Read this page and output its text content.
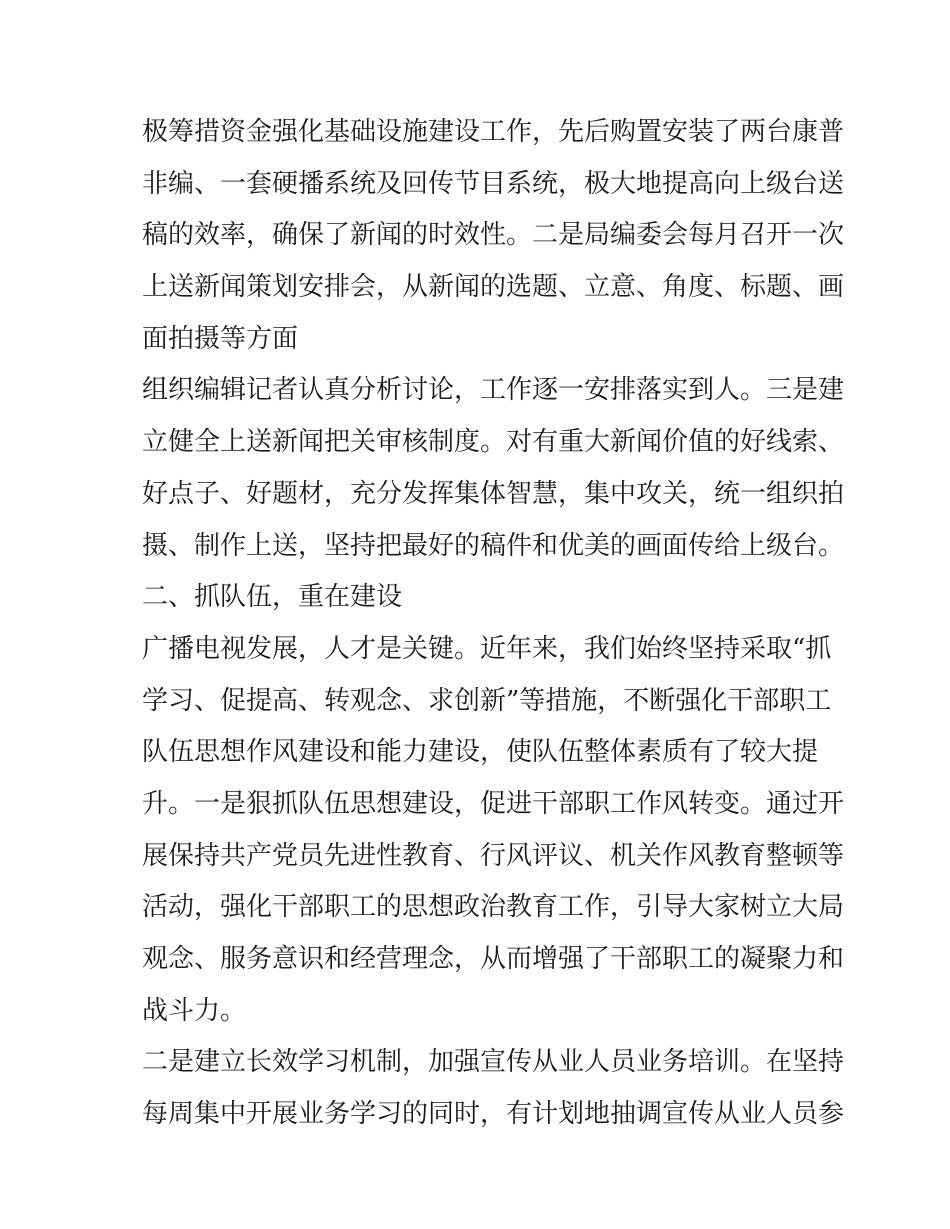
极筹措资金强化基础设施建设工作，先后购置安装了两台康普
非编、一套硬播系统及回传节目系统，极大地提高向上级台送
稿的效率，确保了新闻的时效性。二是局编委会每月召开一次
上送新闻策划安排会，从新闻的选题、立意、角度、标题、画
面拍摄等方面
组织编辑记者认真分析讨论，工作逐一安排落实到人。三是建
立健全上送新闻把关审核制度。对有重大新闻价值的好线索、
好点子、好题材，充分发挥集体智慧，集中攻关，统一组织拍
摄、制作上送，坚持把最好的稿件和优美的画面传给上级台。
二、抓队伍，重在建设
广播电视发展，人才是关键。近年来，我们始终坚持采取“抓
学习、促提高、转观念、求创新”等措施，不断强化干部职工
队伍思想作风建设和能力建设，使队伍整体素质有了较大提
升。一是狠抓队伍思想建设，促进干部职工作风转变。通过开
展保持共产党员先进性教育、行风评议、机关作风教育整顿等
活动，强化干部职工的思想政治教育工作，引导大家树立大局
观念、服务意识和经营理念，从而增强了干部职工的凝聚力和
战斗力。
二是建立长效学习机制，加强宣传从业人员业务培训。在坚持
每周集中开展业务学习的同时，有计划地抽调宣传从业人员参
